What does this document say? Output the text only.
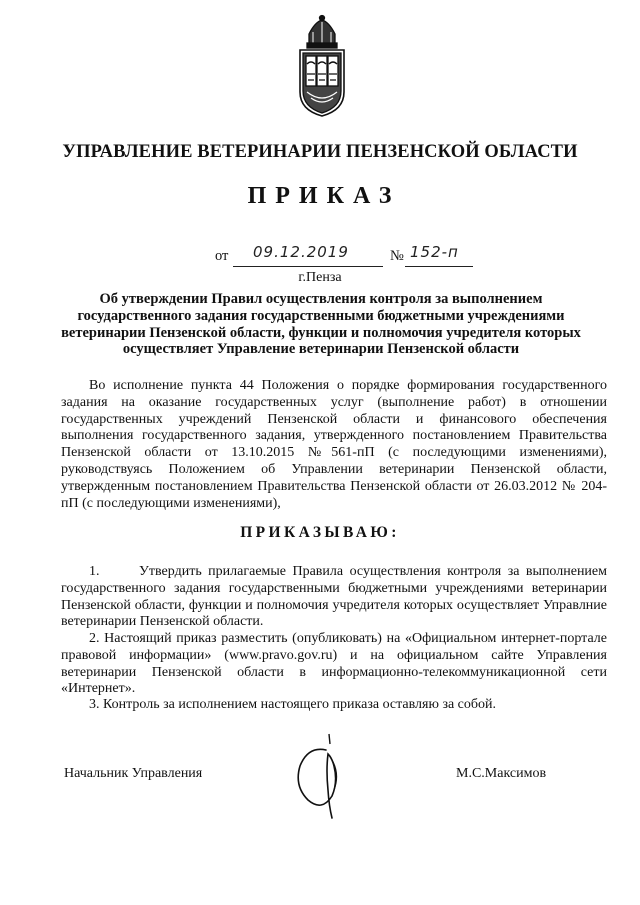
УПРАВЛЕНИЕ ВЕТЕРИНАРИИ ПЕНЗЕНСКОЙ ОБЛАСТИ
ПРИКАЗ
от 09.12.2019	№ 152-п
г.Пенза
Об утверждении Правил осуществления контроля за выполнением государственного задания государственными бюджетными учреждениями ветеринарии Пензенской области, функции и полномочия учредителя которых осуществляет Управление ветеринарии Пензенской области
Во исполнение пункта 44 Положения о порядке формирования государственного задания на оказание государственных услуг (выполнение работ) в отношении государственных учреждений Пензенской области и финансового обеспечения выполнения государственного задания, утвержденного постановлением Правительства Пензенской области от 13.10.2015 №561-пП (с последующими изменениями), руководствуясь Положением об Управлении ветеринарии Пензенской области, утвержденным постановлением Правительства Пензенской области от 26.03.2012 № 204-пП (с последующими изменениями),
ПРИКАЗЫВАЮ:
1.	Утвердить прилагаемые Правила осуществления контроля за выполнением государственного задания государственными бюджетными учреждениями ветеринарии Пензенской области, функции и полномочия учредителя которых осуществляет Управлние ветеринарии Пензенской области.
2. Настоящий приказ разместить (опубликовать) на «Официальном интернет-портале правовой информации» (www.pravo.gov.ru) и на официальном сайте Управления ветеринарии Пензенской области в информационно-телекоммуникационной сети «Интернет».
3. Контроль за исполнением настоящего приказа оставляю за собой.
Начальник Управления	М.С.Максимов
